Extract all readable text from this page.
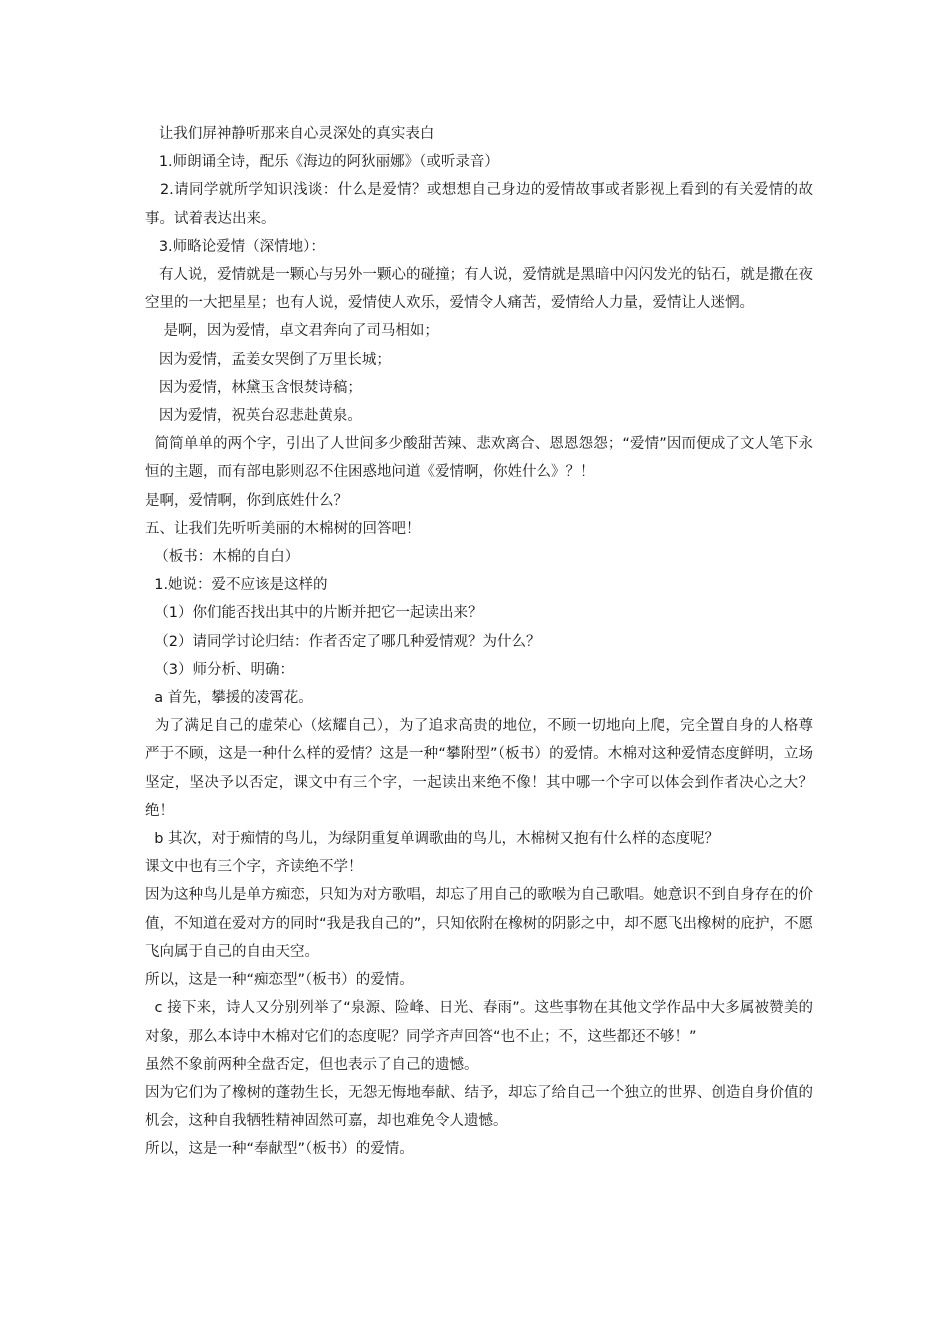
让我们屏神静听那来自心灵深处的真实表白

1.师朗诵全诗，配乐《海边的阿狄丽娜》（或听录音）

2.请同学就所学知识浅谈：什么是爱情？或想想自己身边的爱情故事或者影视上看到的有关爱情的故事。试着表达出来。

3.师略论爱情（深情地）：

有人说，爱情就是一颗心与另外一颗心的碰撞；有人说，爱情就是黑暗中闪闪发光的钻石，就是撒在夜空里的一大把星星；也有人说，爱情使人欢乐，爱情令人痛苦，爱情给人力量，爱情让人迷惘。

是啊，因为爱情，卓文君奔向了司马相如；

因为爱情，孟姜女哭倒了万里长城；

因为爱情，林黛玉含恨焚诗稿；

因为爱情，祝英台忍悲赴黄泉。

简简单单的两个字，引出了人世间多少酸甜苦辣、悲欢离合、恩恩怨怨；“爱情”因而便成了文人笔下永恒的主题，而有部电影则忍不住困惑地问道《爱情啊，你姓什么》？！

是啊，爱情啊，你到底姓什么？

五、让我们先听听美丽的木棉树的回答吧！

（板书：木棉的自白）

1.她说：爱不应该是这样的

（1）你们能否找出其中的片断并把它一起读出来？

（2）请同学讨论归结：作者否定了哪几种爱情观？为什么？

（3）师分析、明确：

a 首先，攀援的凌霄花。

为了满足自己的虚荣心（炫耀自己），为了追求高贵的地位，不顾一切地向上爬，完全置自身的人格尊严于不顾，这是一种什么样的爱情？这是一种“攀附型”（板书）的爱情。木棉对这种爱情态度鲜明，立场坚定，坚决予以否定，课文中有三个字，一起读出来绝不像！其中哪一个字可以体会到作者决心之大？绝！

b 其次，对于痴情的鸟儿，为绿阴重复单调歌曲的鸟儿，木棉树又抱有什么样的态度呢？

课文中也有三个字，齐读绝不学！

因为这种鸟儿是单方痴恋，只知为对方歌唱，却忘了用自己的歌喉为自己歌唱。她意识不到自身存在的价值，不知道在爱对方的同时“我是我自己的”，只知依附在橡树的阴影之中，却不愿飞出橡树的庇护，不愿飞向属于自己的自由天空。

所以，这是一种“痴恋型”（板书）的爱情。

c 接下来，诗人又分别列举了“泉源、险峰、日光、春雨”。这些事物在其他文学作品中大多属被赞美的对象，那么本诗中木棉对它们的态度呢？同学齐声回答“也不止；不，这些都还不够！”

虽然不象前两种全盘否定，但也表示了自己的遗憾。

因为它们为了橡树的蓬勃生长，无怨无悔地奉献、结予，却忘了给自己一个独立的世界、创造自身价值的机会，这种自我牺牲精神固然可嘉，却也难免令人遗憾。

所以，这是一种“奉献型”（板书）的爱情。
